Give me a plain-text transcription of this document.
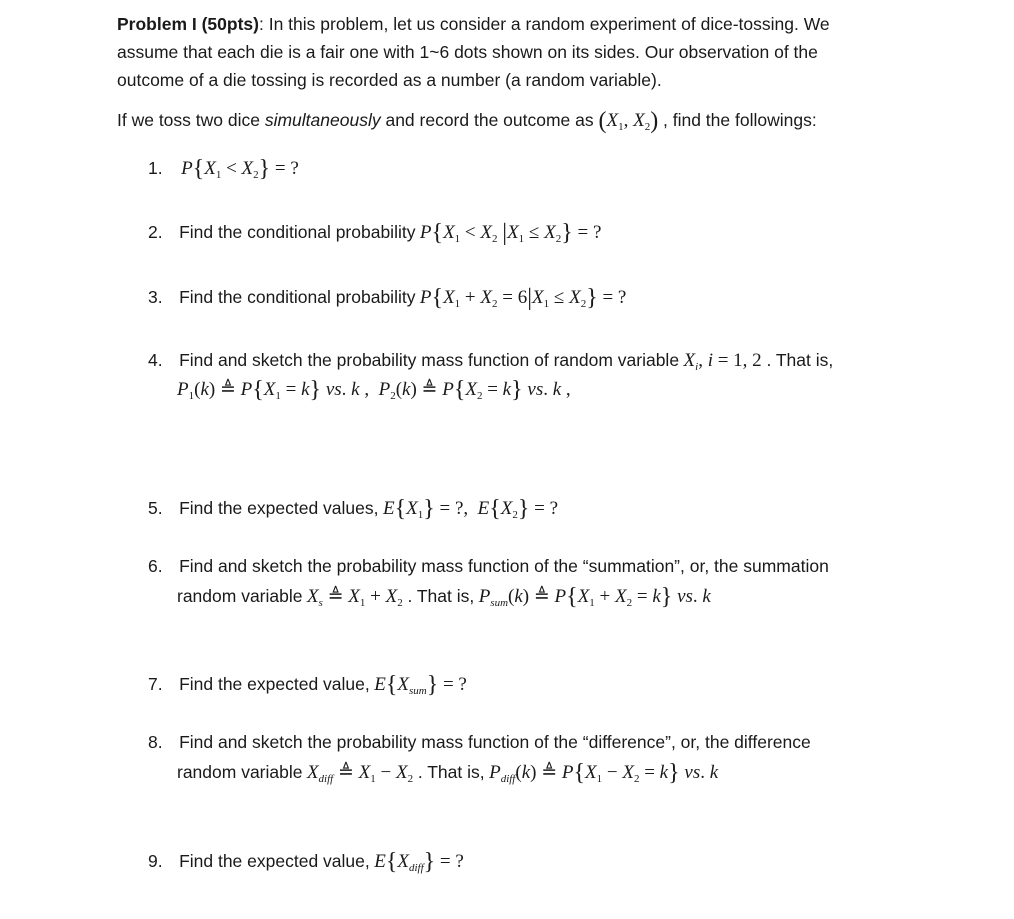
Problem I (50pts): In this problem, let us consider a random experiment of dice-tossing. We
assume that each die is a fair one with 1~6 dots shown on its sides. Our observation of the
outcome of a die tossing is recorded as a number (a random variable).
If we toss two dice simultaneously and record the outcome as ($X_1$, $X_2$) , find the followings:
1. $P\{X_1 < X_2\}$ = ?
2. Find the conditional probability $P\{X_1 < X_2$ $|X_1 \le X_2$} = ?
3. Find the conditional probability $P\{X_1 + X_2 = 6|X_1 \le X_2\}$ = ?
4. Find and sketch the probability mass function of random variable $X_i$, i = 1, 2 . That is,
$P_1(k)$ ≜ $P\{X_1 = k\}$ vs. k ,  $P_2(k)$ ≜ $P\{X_2 = k\}$ vs. k ,
5. Find the expected values, $E\{X_1\}$ = ?,  $E\{X_2\}$ = ?
6. Find and sketch the probability mass function of the “summation”, or, the summation
random variable $X_s$ ≜ $X_1 + X_2$ . That is, $P_{sum}(k)$ ≜ $P\{X_1 + X_2 = k\}$ vs. k
7. Find the expected value, $E\{X_{sum}\}$ = ?
8. Find and sketch the probability mass function of the “difference”, or, the difference
random variable $X_{diff}$ ≜ $X_1 - X_2$ . That is, $P_{diff}(k)$ ≜ $P\{X_1 - X_2 = k\}$ vs. k
9. Find the expected value, $E\{X_{diff}\}$ = ?
